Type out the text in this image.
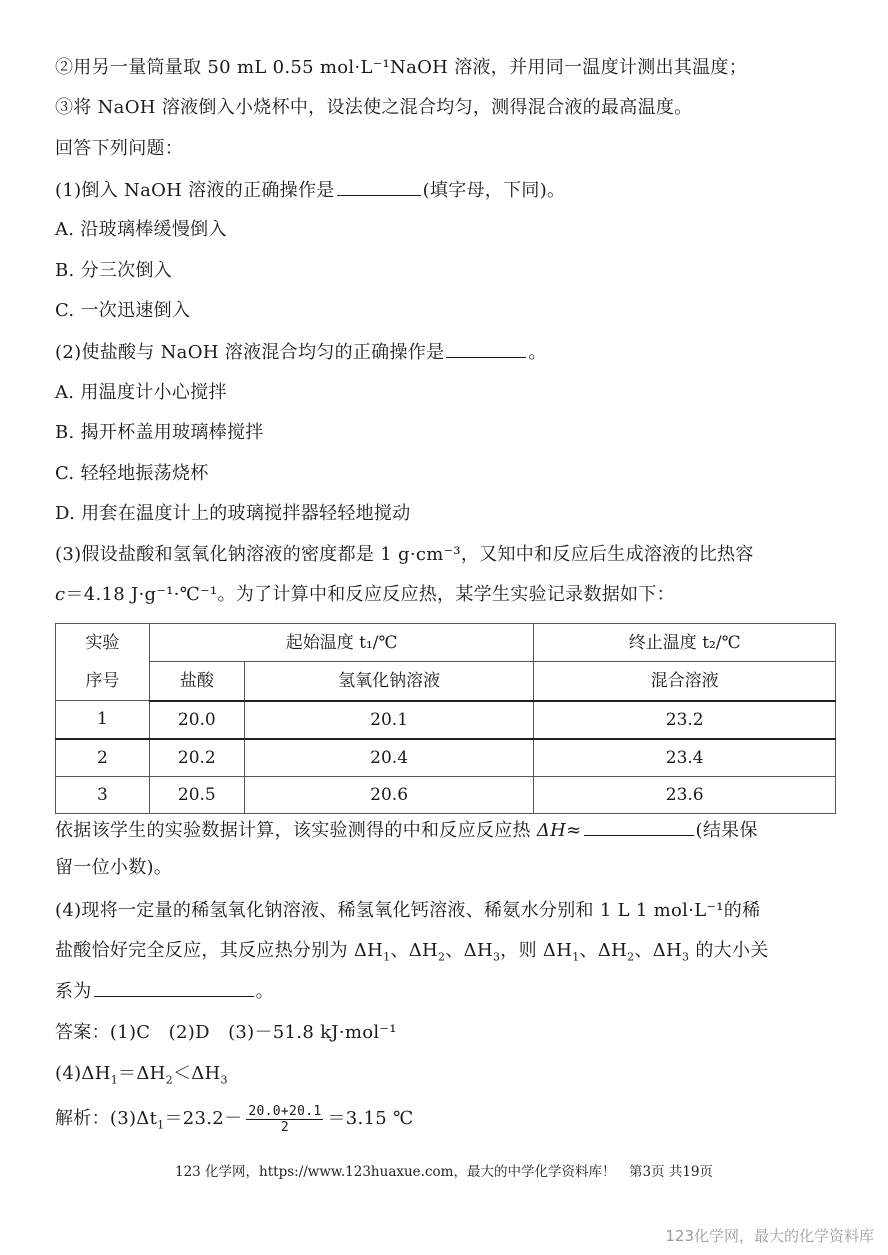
②用另一量筒量取 50 mL 0.55 mol·L⁻¹NaOH 溶液，并用同一温度计测出其温度；
③将 NaOH 溶液倒入小烧杯中，设法使之混合均匀，测得混合液的最高温度。
回答下列问题：
(1)倒入 NaOH 溶液的正确操作是	(填字母，下同)。
A. 沿玻璃棒缓慢倒入
B. 分三次倒入
C. 一次迅速倒入
(2)使盐酸与 NaOH 溶液混合均匀的正确操作是	。
A. 用温度计小心搅拌
B. 揭开杯盖用玻璃棒搅拌
C. 轻轻地振荡烧杯
D. 用套在温度计上的玻璃搅拌器轻轻地搅动
(3)假设盐酸和氢氧化钠溶液的密度都是 1 g·cm⁻³，又知中和反应后生成溶液的比热容
c＝4.18 J·g⁻¹·℃⁻¹。为了计算中和反应反应热，某学生实验记录数据如下：
实验
序号	起始温度 t₁/℃		终止温度 t₂/℃
	盐酸	氢氧化钠溶液	混合溶液
1	20.0	20.1	23.2
2	20.2	20.4	23.4
3	20.5	20.6	23.6
依据该学生的实验数据计算，该实验测得的中和反应反应热 ΔH≈	(结果保
留一位小数)。
(4)现将一定量的稀氢氧化钠溶液、稀氢氧化钙溶液、稀氨水分别和 1 L 1 mol·L⁻¹的稀
盐酸恰好完全反应，其反应热分别为 $\Delta H_1$、$\Delta H_2$、$\Delta H_3$，则 $\Delta H_1$、$\Delta H_2$、$\Delta H_3$ 的大小关
系为	。
答案：(1)C　(2)D　(3)－51.8 kJ·mol⁻¹
$(4)\Delta H_1=\Delta H_2<\Delta H_3$
解析：$(3)\Delta t_1=23.2- \frac{20.0+20.1}{2} =3.15$ ℃
123 化学网，https://www.123huaxue.com，最大的中学化学资料库！　第3页 共19页
123化学网，最大的化学资料库
